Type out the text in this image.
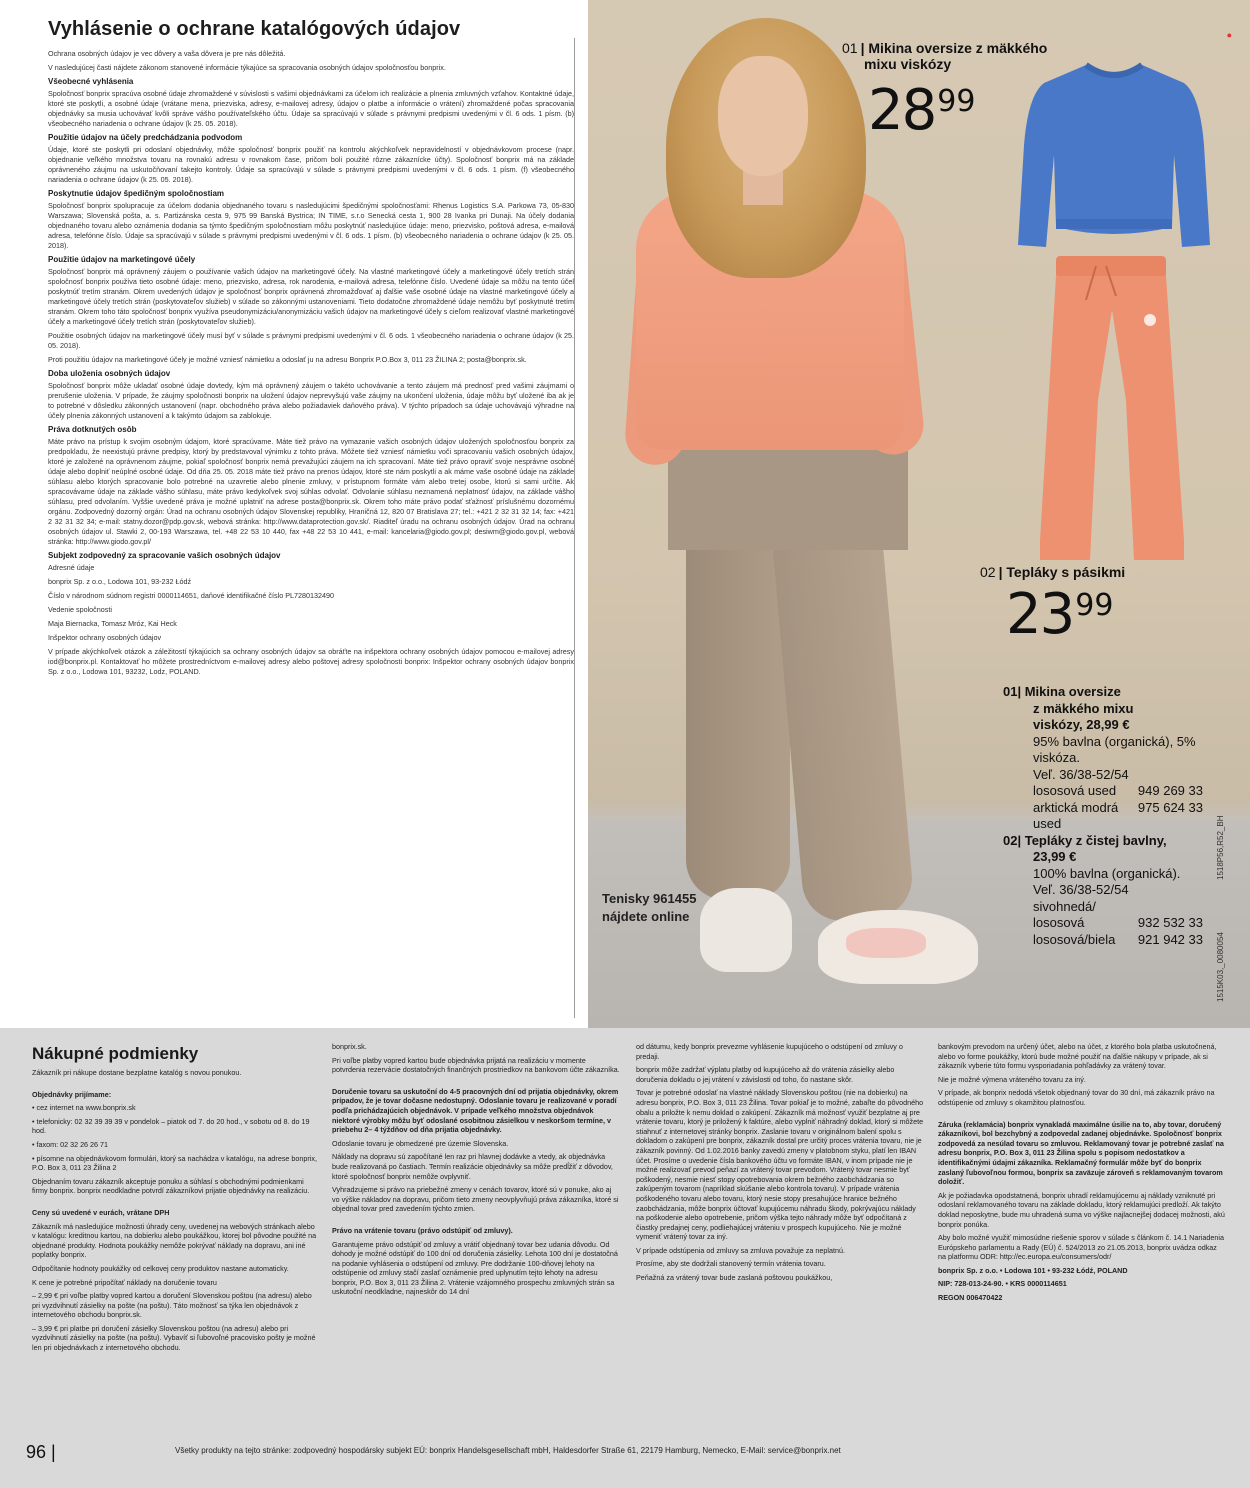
Vyhlásenie o ochrane katalógových údajov
Ochrana osobných údajov je vec dôvery a vaša dôvera je pre nás dôležitá.
V nasledujúcej časti nájdete zákonom stanovené informácie týkajúce sa spracovania osobných údajov spoločnosťou bonprix.
Všeobecné vyhlásenia
Spoločnosť bonprix spracúva osobné údaje zhromaždené v súvislosti s vašimi objednávkami za účelom ich realizácie a plnenia zmluvných vzťahov. Kontaktné údaje, ktoré ste poskytli, a osobné údaje (vrátane mena, priezviska, adresy, e-mailovej adresy, údajov o platbe a informácie o vrátení) zhromaždené počas spracovania objednávky sa musia uchovávať kvôli správe vášho používateľského účtu. Údaje sa spracúvajú v súlade s právnymi predpismi uvedenými v čl. 6 ods. 1 písm. (b) všeobecného nariadenia o ochrane údajov (k 25. 05. 2018).
Použitie údajov na účely predchádzania podvodom
Údaje, ktoré ste poskytli pri odoslaní objednávky, môže spoločnosť bonprix použiť na kontrolu akýchkoľvek nepravidelností v objednávkovom procese (napr. objednanie veľkého množstva tovaru na rovnakú adresu v rovnakom čase, pričom boli použité rôzne zákaznícke účty). Spoločnosť bonprix má na základe oprávneného záujmu na uskutočňovaní takejto kontroly. Údaje sa spracúvajú v súlade s právnymi predpismi uvedenými v čl. 6 ods. 1 písm. (f) všeobecného nariadenia o ochrane údajov (k 25. 05. 2018).
Poskytnutie údajov špedičným spoločnostiam
Spoločnosť bonprix spolupracuje za účelom dodania objednaného tovaru s nasledujúcimi špedičnými spoločnosťami: Rhenus Logistics S.A. Parkowa 73, 05-830 Warszawa; Slovenská pošta, a. s. Partizánska cesta 9, 975 99 Banská Bystrica; IN TIME, s.r.o Senecká cesta 1, 900 28 Ivanka pri Dunaji. Na účely dodania objednaného tovaru alebo oznámenia dodania sa týmto špedičným spoločnostiam môžu poskytnúť nasledujúce údaje: meno, priezvisko, poštová adresa, e-mailová adresa, telefónne číslo. Údaje sa spracúvajú v súlade s právnymi predpismi uvedenými v čl. 6 ods. 1 písm. (b) všeobecného nariadenia o ochrane údajov (k 25. 05. 2018).
Použitie údajov na marketingové účely
Spoločnosť bonprix má oprávnený záujem o používanie vašich údajov na marketingové účely. Na vlastné marketingové účely a marketingové účely tretích strán spoločnosť bonprix používa tieto osobné údaje: meno, priezvisko, adresa, rok narodenia, e-mailová adresa, telefónne číslo. Uvedené údaje sa môžu na tento účel poskytnúť tretím stranám. Okrem uvedených údajov je spoločnosť bonprix oprávnená zhromažďovať aj ďalšie vaše osobné údaje na vlastné marketingové účely a marketingové účely tretích strán (poskytovateľov služieb) v súlade so zákonnými ustanoveniami. Tieto dodatočne zhromaždené údaje nemôžu byť poskytnuté tretím stranám. Okrem toho táto spoločnosť bonprix využíva pseudonymizáciu/anonymizáciu vašich údajov na marketingové účely s cieľom realizovať vlastné marketingové účely a marketingové účely tretích strán (poskytovateľov služieb).
Použitie osobných údajov na marketingové účely musí byť v súlade s právnymi predpismi uvedenými v čl. 6 ods. 1 všeobecného nariadenia o ochrane údajov (k 25. 05. 2018).
Proti použitiu údajov na marketingové účely je možné vzniesť námietku a odoslať ju na adresu Bonprix P.O.Box 3, 011 23 ŽILINA 2; posta@bonprix.sk.
Doba uloženia osobných údajov
Spoločnosť bonprix môže ukladať osobné údaje dovtedy, kým má oprávnený záujem o takéto uchovávanie a tento záujem má prednosť pred vašimi záujmami o prerušenie uloženia. V prípade, že záujmy spoločnosti bonprix na uložení údajov neprevyšujú vaše záujmy na ukončení uloženia, údaje môžu byť uložené iba ak je to potrebné v dôsledku zákonných ustanovení (napr. obchodného práva alebo požiadaviek daňového práva). V týchto prípadoch sa údaje uchovávajú výhradne na účely plnenia zákonných ustanovení a k takýmto údajom sa zablokuje.
Práva dotknutých osôb
Máte právo na prístup k svojim osobným údajom, ktoré spracúvame. Máte tiež právo na vymazanie vašich osobných údajov uložených spoločnosťou bonprix za predpokladu, že neexistujú právne predpisy, ktorý by predstavoval výnimku z tohto práva. Môžete tiež vzniesť námietku voči spracovaniu vašich osobných údajov, ktoré je založené na oprávnenom záujme, pokiaľ spoločnosť bonprix nemá prevažujúci záujem na ich spracovaní. Máte tiež právo opraviť svoje nesprávne osobné údaje alebo doplniť neúplné osobné údaje. Od dňa 25. 05. 2018 máte tiež právo na prenos údajov, ktoré ste nám poskytli a ak máme vaše osobné údaje na základe súhlasu alebo ktorých spracovanie bolo potrebné na uzavretie alebo plnenie zmluvy, v prístupnom formáte vám alebo tretej osobe, ktorú si sami určíte. Ak spracovávame údaje na základe vášho súhlasu, máte právo kedykoľvek svoj súhlas odvolať. Odvolanie súhlasu neznamená neplatnosť údajov, na základe vášho súhlasu, pred odvolaním. Vyššie uvedené práva je možné uplatniť na adrese posta@bonprix.sk. Okrem toho máte právo podať sťažnosť príslušnému dozornému orgánu. Zodpovedný dozorný orgán: Úrad na ochranu osobných údajov Slovenskej republiky, Hraničná 12, 820 07 Bratislava 27; tel.: +421 2 32 31 32 14; fax: +421 2 32 31 32 34; e-mail: statny.dozor@pdp.gov.sk, webová stránka: http://www.dataprotection.gov.sk/. Riaditeľ úradu na ochranu osobných údajov. Úrad na ochranu osobných údajov ul. Stawki 2, 00-193 Warszawa, tel. +48 22 53 10 440, fax +48 22 53 10 441, e-mail: kancelaria@giodo.gov.pl; desiwm@giodo.gov.pl, webová stránka: http://www.giodo.gov.pl/
Subjekt zodpovedný za spracovanie vašich osobných údajov
Adresné údaje
bonprix Sp. z o.o., Lodowa 101, 93-232 Łódź
Číslo v národnom súdnom registri 0000114651, daňové identifikačné číslo PL7280132490
Vedenie spoločnosti
Maja Biernacka, Tomasz Mróz, Kai Heck
Inšpektor ochrany osobných údajov
V prípade akýchkoľvek otázok a záležitostí týkajúcich sa ochrany osobných údajov sa obráťte na inšpektora ochrany osobných údajov pomocou e-mailovej adresy iod@bonprix.pl. Kontaktovať ho môžete prostredníctvom e-mailovej adresy alebo poštovej adresy spoločnosti bonprix: Inšpektor ochrany osobných údajov bonprix Sp. z o.o., Lodowa 101, 93232, Lodz, POLAND.
01 | Mikina oversize z mäkkého
mixu viskózy
2899
02 | Tepláky s pásikmi
2399
01| Mikina oversize
z mäkkého mixu
viskózy, 28,99 €
95% bavlna (organická), 5% viskóza.
Veľ. 36/38-52/54
lososová used 949 269 33
arktická modrá 975 624 33
used
02| Tepláky z čistej bavlny,
23,99 €
100% bavlna (organická).
Veľ. 36/38-52/54
sivohnedá/
lososová	932 532 33
lososová/biela 921 942 33
Tenisky 961455
nájdete online
1518P56,R52_BH
1515K03,_0080054
●
Nákupné podmienky
Zákazník pri nákupe dostane bezplatne katalóg s novou ponukou.
Objednávky prijímame:
• cez internet na www.bonprix.sk
• telefonicky: 02 32 39 39 39 v pondelok – piatok od 7. do 20 hod., v sobotu od 8. do 19 hod.
• faxom: 02 32 26 26 71
• písomne na objednávkovom formulári, ktorý sa nachádza v katalógu, na adrese bonprix, P.O. Box 3, 011 23 Žilina 2
Objednaním tovaru zákazník akceptuje ponuku a súhlasí s obchodnými podmienkami firmy bonprix. bonprix neodkladne potvrdí zákazníkovi prijatie objednávky na realizáciu.
Ceny sú uvedené v eurách, vrátane DPH
Zákazník má nasledujúce možnosti úhrady ceny, uvedenej na webových stránkach alebo v katalógu: kreditnou kartou, na dobierku alebo poukážkou, ktorej bol pôvodne použité na objednané produkty. Hodnota poukážky nemôže pokrývať náklady na dopravu, ani iné poplatky bonprix.
Odpočítanie hodnoty poukážky od celkovej ceny produktov nastane automaticky.
K cene je potrebné pripočítať náklady na doručenie tovaru
– 2,99 € pri voľbe platby vopred kartou a doručení Slovenskou poštou (na adresu) alebo pri vyzdvihnutí zásielky na pošte (na poštu). Táto možnosť sa týka len objednávok z internetového obchodu bonprix.sk.
– 3,99 € pri platbe pri doručení zásielky Slovenskou poštou (na adresu) alebo pri vyzdvihnutí zásielky na pošte (na poštu). Vybavíť si ľubovoľné pracovisko pošty je možné len pri objednávkach z internetového obchodu.
bonprix.sk.
Pri voľbe platby vopred kartou bude objednávka prijatá na realizáciu v momente potvrdenia rezervácie dostatočných finančných prostriedkov na bankovom účte zákazníka.
Doručenie tovaru sa uskutoční do 4-5 pracovných dní od prijatia objednávky, okrem prípadov, že je tovar dočasne nedostupný. Odoslanie tovaru je realizované v poradí podľa prichádzajúcich objednávok. V prípade veľkého množstva objednávok niektoré výrobky môžu byť odoslané osobitnou zásielkou v neskoršom termíne, v priebehu 2– 4 týždňov od dňa prijatia objednávky.
Odoslanie tovaru je obmedzené pre územie Slovenska.
Náklady na dopravu sú započítané len raz pri hlavnej dodávke a vtedy, ak objednávka bude realizovaná po častiach. Termín realizácie objednávky sa môže predĺžiť z dôvodov, ktoré spoločnosť bonprix nemôže ovplyvniť.
Vyhradzujeme si právo na priebežné zmeny v cenách tovarov, ktoré sú v ponuke, ako aj vo výške nákladov na dopravu, pričom tieto zmeny neovplyvňujú práva zákazníka, ktoré si objednal tovar pred zavedením týchto zmien.
Právo na vrátenie tovaru (právo odstúpiť od zmluvy).
Garantujeme právo odstúpiť od zmluvy a vrátiť objednaný tovar bez udania dôvodu. Od dohody je možné odstúpiť do 100 dní od doručenia zásielky. Lehota 100 dní je dostatočná na podanie vyhlásenia o odstúpení od zmluvy. Pre dodržanie 100-dňovej lehoty na odstúpenie od zmluvy stačí zaslať oznámenie pred uplynutím tejto lehoty na adresu bonprix, P.O. Box 3, 011 23 Žilina 2. Vrátenie vzájomného prospechu zmluvných strán sa uskutoční neodkladne, najneskôr do 14 dní
od dátumu, kedy bonprix prevezme vyhlásenie kupujúceho o odstúpení od zmluvy o predaji.
bonprix môže zadržať výplatu platby od kupujúceho až do vrátenia zásielky alebo doručenia dokladu o jej vrátení v závislosti od toho, čo nastane skôr.
Tovar je potrebné odoslať na vlastné náklady Slovenskou poštou (nie na dobierku) na adresu bonprix, P.O. Box 3, 011 23 Žilina. Tovar pokiaľ je to možné, zabaľte do pôvodného obalu a priložte k nemu doklad o zakúpení. Zákazník má možnosť využiť bezplatne aj pre vrátenie tovaru, ktorý je priložený k faktúre, alebo vyplniť náhradný doklad, ktorý si môžete stiahnuť z internetovej stránky bonprix. Zaslanie tovaru v originálnom balení spolu s dokladom o zakúpení pre bonprix, zákazník dostal pre určitý proces vrátenia tovaru, nie je zákazník povinný. Od 1.02.2016 banky zavedú zmeny v platobnom styku, platí len IBAN účet. Prosíme o uvedenie čísla bankového účtu vo formáte IBAN, v inom prípade nie je možné realizovať prevod peňazí za vrátený tovar prevodom. Vrátený tovar nesmie byť poškodený, nesmie niesť stopy opotrebovania okrem bežného zaobchádzania so zakúpeným tovarom (napríklad skúšanie alebo kontrola tovaru). V prípade vrátenia poškodeného tovaru alebo tovaru, ktorý nesie stopy presahujúce hranice bežného zaobchádzania, môže bonprix účtovať kupujúcemu náhradu škody, pokrývajúcu náklady na poškodenie alebo opotrebenie, pričom výška tejto náhrady môže byť odpočítaná z čiastky predajnej ceny, podliehajúcej vráteniu v prospech kupujúceho. Nie je možné vymeniť vrátený tovar za iný.
V prípade odstúpenia od zmluvy sa zmluva považuje za neplatnú.
Prosíme, aby ste dodržali stanovený termín vrátenia tovaru.
Peňažná za vrátený tovar bude zaslaná poštovou poukážkou,
bankovým prevodom na určený účet, alebo na účet, z ktorého bola platba uskutočnená, alebo vo forme poukážky, ktorú bude možné použiť na ďalšie nákupy v prípade, ak si zákazník vyberie túto formu vysporiadania pohľadávky za vrátený tovar.
Nie je možné výmena vráteného tovaru za iný.
V prípade, ak bonprix nedodá všetok objednaný tovar do 30 dní, má zákazník právo na odstúpenie od zmluvy s okamžitou platnosťou.
Záruka (reklamácia) bonprix vynakladá maximálne úsilie na to, aby tovar, doručený zákazníkovi, bol bezchybný a zodpovedal zadanej objednávke. Spoločnosť bonprix zodpovedá za nesúlad tovaru so zmluvou. Reklamovaný tovar je potrebné zaslať na adresu bonprix, P.O. Box 3, 011 23 Žilina spolu s popisom nedostatkov a identifikačnými údajmi zákazníka. Reklamačný formulár môže byť do bonprix zaslaný ľubovoľnou formou, bonprix sa zaväzuje zároveň s reklamovaným tovarom doložiť.
Ak je požiadavka opodstatnená, bonprix uhradí reklamujúcemu aj náklady vzniknuté pri odoslaní reklamovaného tovaru na základe dokladu, ktorý reklamujúci predloží. Ak takýto doklad neposkytne, bude mu uhradená suma vo výške najlacnejšej dodacej možnosti, akú bonprix ponúka.
Aby bolo možné využiť mimosúdne riešenie sporov v súlade s článkom č. 14.1 Nariadenia Európskeho parlamentu a Rady (EÚ) č. 524/2013 zo 21.05.2013, bonprix uvádza odkaz na platformu ODR: http://ec.europa.eu/consumers/odr/
bonprix Sp. z o.o. • Lodowa 101 • 93-232 Łódź, POLAND
NIP: 728-013-24-90. • KRS 0000114651
REGON 006470422
96 |	Všetky produkty na tejto stránke: zodpovedný hospodársky subjekt EÚ: bonprix Handelsgesellschaft mbH, Haldesdorfer Straße 61, 22179 Hamburg, Nemecko, E-Mail: service@bonprix.net
